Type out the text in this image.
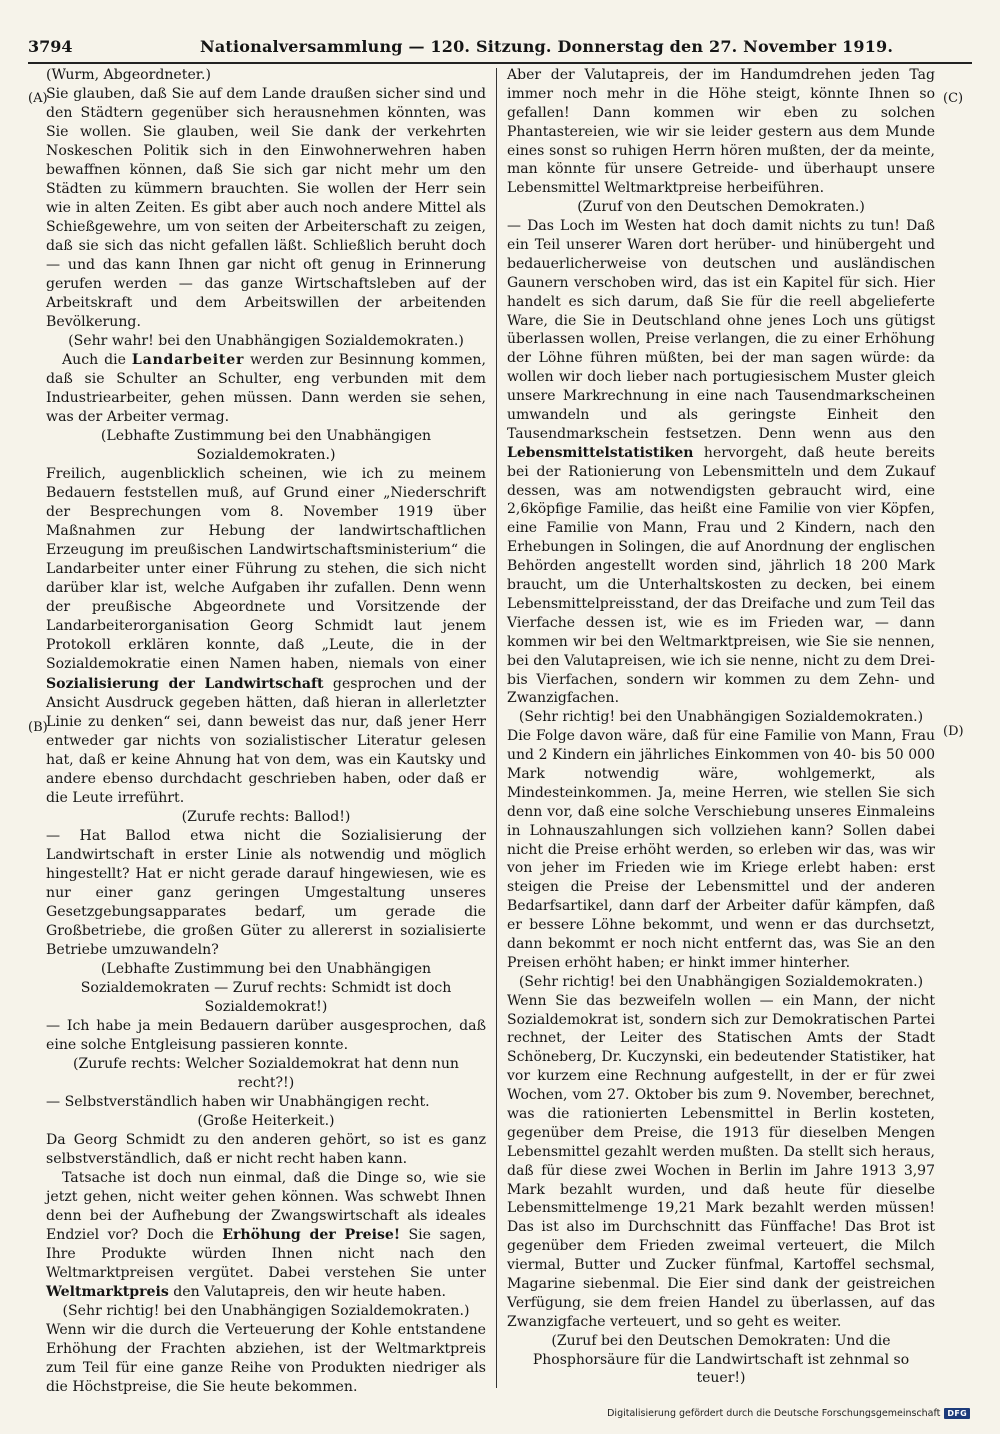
3794	Nationalversammlung — 120. Sitzung. Donnerstag den 27. November 1919.
(A)
(B)
(C)
(D)

(Wurm, Abgeordneter.)

Sie glauben, daß Sie auf dem Lande draußen sicher sind und den Städtern gegenüber sich herausnehmen könnten, was Sie wollen. Sie glauben, weil Sie dank der verkehrten Noskeschen Politik sich in den Einwohnerwehren haben bewaffnen können, daß Sie sich gar nicht mehr um den Städten zu kümmern brauchten. Sie wollen der Herr sein wie in alten Zeiten. Es gibt aber auch noch andere Mittel als Schießgewehre, um von seiten der Arbeiterschaft zu zeigen, daß sie sich das nicht gefallen läßt. Schließlich beruht doch — und das kann Ihnen gar nicht oft genug in Erinnerung gerufen werden — das ganze Wirtschaftsleben auf der Arbeitskraft und dem Arbeitswillen der arbeitenden Bevölkerung.

(Sehr wahr! bei den Unabhängigen Sozialdemokraten.)

Auch die Landarbeiter werden zur Besinnung kommen, daß sie Schulter an Schulter, eng verbunden mit dem Industriearbeiter, gehen müssen. Dann werden sie sehen, was der Arbeiter vermag.

(Lebhafte Zustimmung bei den Unabhängigen Sozialdemokraten.)

Freilich, augenblicklich scheinen, wie ich zu meinem Bedauern feststellen muß, auf Grund einer „Niederschrift der Besprechungen vom 8. November 1919 über Maßnahmen zur Hebung der landwirtschaftlichen Erzeugung im preußischen Landwirtschaftsministerium“ die Landarbeiter unter einer Führung zu stehen, die sich nicht darüber klar ist, welche Aufgaben ihr zufallen. Denn wenn der preußische Abgeordnete und Vorsitzende der Landarbeiterorganisation Georg Schmidt laut jenem Protokoll erklären konnte, daß „Leute, die in der Sozialdemokratie einen Namen haben, niemals von einer Sozialisierung der Landwirtschaft gesprochen und der Ansicht Ausdruck gegeben hätten, daß hieran in allerletzter Linie zu denken“ sei, dann beweist das nur, daß jener Herr entweder gar nichts von sozialistischer Literatur gelesen hat, daß er keine Ahnung hat von dem, was ein Kautsky und andere ebenso durchdacht geschrieben haben, oder daß er die Leute irreführt.

(Zurufe rechts: Ballod!)

— Hat Ballod etwa nicht die Sozialisierung der Landwirtschaft in erster Linie als notwendig und möglich hingestellt? Hat er nicht gerade darauf hingewiesen, wie es nur einer ganz geringen Umgestaltung unseres Gesetzgebungsapparates bedarf, um gerade die Großbetriebe, die großen Güter zu allererst in sozialisierte Betriebe umzuwandeln?

(Lebhafte Zustimmung bei den Unabhängigen Sozialdemokraten — Zuruf rechts: Schmidt ist doch Sozialdemokrat!)

— Ich habe ja mein Bedauern darüber ausgesprochen, daß eine solche Entgleisung passieren konnte.

(Zurufe rechts: Welcher Sozialdemokrat hat denn nun recht?!)

— Selbstverständlich haben wir Unabhängigen recht.

(Große Heiterkeit.)

Da Georg Schmidt zu den anderen gehört, so ist es ganz selbstverständlich, daß er nicht recht haben kann.

Tatsache ist doch nun einmal, daß die Dinge so, wie sie jetzt gehen, nicht weiter gehen können. Was schwebt Ihnen denn bei der Aufhebung der Zwangswirtschaft als ideales Endziel vor? Doch die Erhöhung der Preise! Sie sagen, Ihre Produkte würden Ihnen nicht nach den Weltmarktpreisen vergütet. Dabei verstehen Sie unter Weltmarktpreis den Valutapreis, den wir heute haben.

(Sehr richtig! bei den Unabhängigen Sozialdemokraten.)

Wenn wir die durch die Verteuerung der Kohle entstandene Erhöhung der Frachten abziehen, ist der Weltmarktpreis zum Teil für eine ganze Reihe von Produkten niedriger als die Höchstpreise, die Sie heute bekommen.

Aber der Valutapreis, der im Handumdrehen jeden Tag immer noch mehr in die Höhe steigt, könnte Ihnen so gefallen! Dann kommen wir eben zu solchen Phantastereien, wie wir sie leider gestern aus dem Munde eines sonst so ruhigen Herrn hören mußten, der da meinte, man könnte für unsere Getreide- und überhaupt unsere Lebensmittel Weltmarktpreise herbeiführen.

(Zuruf von den Deutschen Demokraten.)

— Das Loch im Westen hat doch damit nichts zu tun! Daß ein Teil unserer Waren dort herüber- und hinübergeht und bedauerlicherweise von deutschen und ausländischen Gaunern verschoben wird, das ist ein Kapitel für sich. Hier handelt es sich darum, daß Sie für die reell abgelieferte Ware, die Sie in Deutschland ohne jenes Loch uns gütigst überlassen wollen, Preise verlangen, die zu einer Erhöhung der Löhne führen müßten, bei der man sagen würde: da wollen wir doch lieber nach portugiesischem Muster gleich unsere Markrechnung in eine nach Tausendmarkscheinen umwandeln und als geringste Einheit den Tausendmarkschein festsetzen. Denn wenn aus den Lebensmittelstatistiken hervorgeht, daß heute bereits bei der Rationierung von Lebensmitteln und dem Zukauf dessen, was am notwendigsten gebraucht wird, eine 2,6köpfige Familie, das heißt eine Familie von vier Köpfen, eine Familie von Mann, Frau und 2 Kindern, nach den Erhebungen in Solingen, die auf Anordnung der englischen Behörden angestellt worden sind, jährlich 18 200 Mark braucht, um die Unterhaltskosten zu decken, bei einem Lebensmittelpreisstand, der das Dreifache und zum Teil das Vierfache dessen ist, wie es im Frieden war, — dann kommen wir bei den Weltmarktpreisen, wie Sie sie nennen, bei den Valutapreisen, wie ich sie nenne, nicht zu dem Drei- bis Vierfachen, sondern wir kommen zu dem Zehn- und Zwanzigfachen.

(Sehr richtig! bei den Unabhängigen Sozialdemokraten.)

Die Folge davon wäre, daß für eine Familie von Mann, Frau und 2 Kindern ein jährliches Einkommen von 40- bis 50 000 Mark notwendig wäre, wohlgemerkt, als Mindesteinkommen. Ja, meine Herren, wie stellen Sie sich denn vor, daß eine solche Verschiebung unseres Einmaleins in Lohnauszahlungen sich vollziehen kann? Sollen dabei nicht die Preise erhöht werden, so erleben wir das, was wir von jeher im Frieden wie im Kriege erlebt haben: erst steigen die Preise der Lebensmittel und der anderen Bedarfsartikel, dann darf der Arbeiter dafür kämpfen, daß er bessere Löhne bekommt, und wenn er das durchsetzt, dann bekommt er noch nicht entfernt das, was Sie an den Preisen erhöht haben; er hinkt immer hinterher.

(Sehr richtig! bei den Unabhängigen Sozialdemokraten.)

Wenn Sie das bezweifeln wollen — ein Mann, der nicht Sozialdemokrat ist, sondern sich zur Demokratischen Partei rechnet, der Leiter des Statischen Amts der Stadt Schöneberg, Dr. Kuczynski, ein bedeutender Statistiker, hat vor kurzem eine Rechnung aufgestellt, in der er für zwei Wochen, vom 27. Oktober bis zum 9. November, berechnet, was die rationierten Lebensmittel in Berlin kosteten, gegenüber dem Preise, die 1913 für dieselben Mengen Lebensmittel gezahlt werden mußten. Da stellt sich heraus, daß für diese zwei Wochen in Berlin im Jahre 1913 3,97 Mark bezahlt wurden, und daß heute für dieselbe Lebensmittelmenge 19,21 Mark bezahlt werden müssen! Das ist also im Durchschnitt das Fünffache! Das Brot ist gegenüber dem Frieden zweimal verteuert, die Milch viermal, Butter und Zucker fünfmal, Kartoffel sechsmal, Magarine siebenmal. Die Eier sind dank der geistreichen Verfügung, sie dem freien Handel zu überlassen, auf das Zwanzigfache verteuert, und so geht es weiter.

(Zuruf bei den Deutschen Demokraten: Und die Phosphorsäure für die Landwirtschaft ist zehnmal so teuer!)

Digitalisierung gefördert durch die Deutsche Forschungsgemeinschaft DFG
